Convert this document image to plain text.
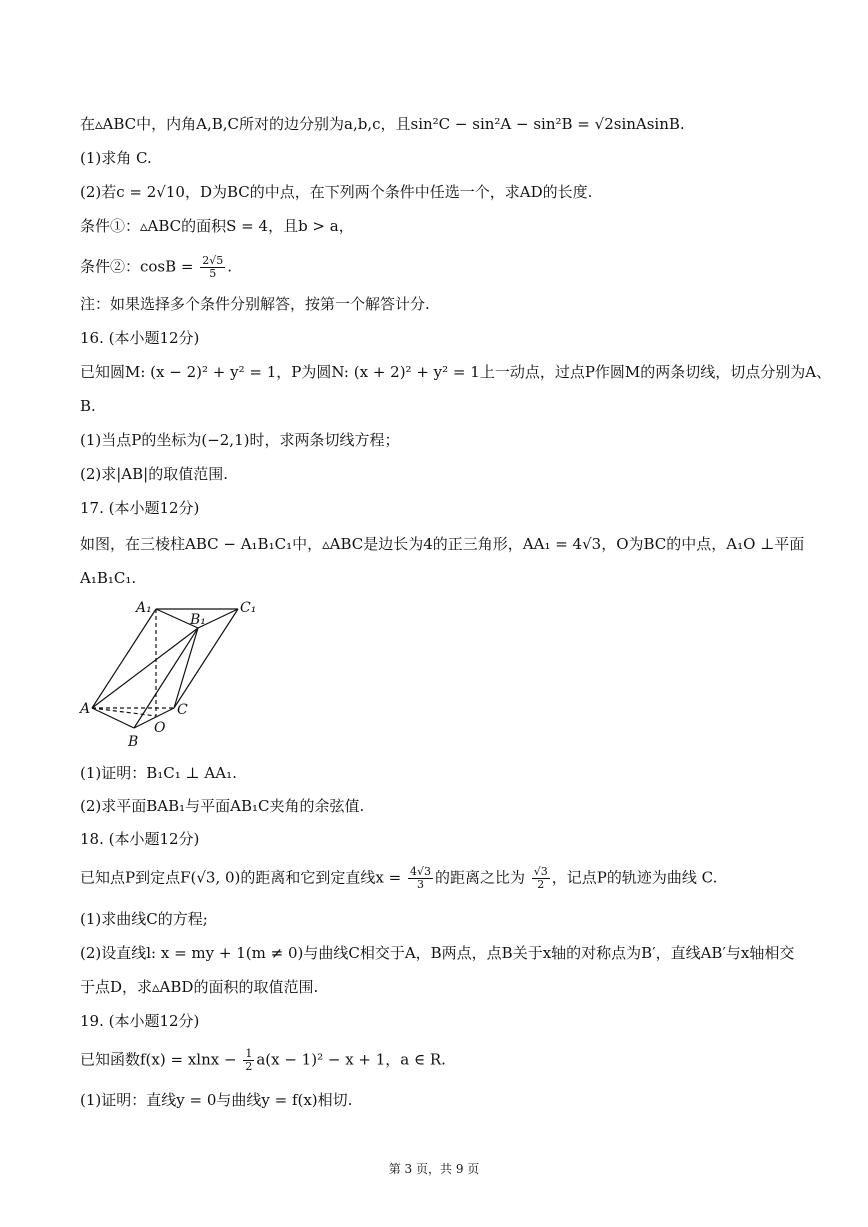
在▵ABC中，内角A,B,C所对的边分别为a,b,c，且sin²C − sin²A − sin²B = √2sinAsinB.
(1)求角 C.
(2)若c = 2√10，D为BC的中点，在下列两个条件中任选一个，求AD的长度.
条件①：▵ABC的面积S = 4，且b > a，
条件②：$\cos B = \frac{2√5}{5}$ .
注：如果选择多个条件分别解答，按第一个解答计分.
16. (本小题12分)
已知圆M: (x − 2)² + y² = 1，P为圆N: (x + 2)² + y² = 1上一动点，过点P作圆M的两条切线，切点分别为A、
B.
(1)当点P的坐标为(−2,1)时，求两条切线方程；
(2)求|AB|的取值范围.
17. (本小题12分)
如图，在三棱柱ABC − A₁B₁C₁中，▵ABC是边长为4的正三角形，AA₁ = 4√3，O为BC的中点，A₁O ⊥平面
A₁B₁C₁.
A₁
B₁
C₁
A	C
O
B
(1)证明：B₁C₁ ⊥ AA₁.
(2)求平面BAB₁与平面AB₁C夹角的余弦值.
18. (本小题12分)
已知点P到定点F(√3, 0)的距离和它到定直线$x = \frac{4√3}{3}$ 的距离之比为 $\frac{√3}{2}$ ，记点P的轨迹为曲线 C.
(1)求曲线C的方程;
(2)设直线l: x = my + 1(m ≠ 0)与曲线C相交于A，B两点，点B关于x轴的对称点为B′，直线AB′与x轴相交
于点D，求▵ABD的面积的取值范围.
19. (本小题12分)
已知函数$f(x) = xlnx - \frac{1}{2} a(x - 1)^2 - x + 1$，a ∈ R.
(1)证明：直线y = 0与曲线y = f(x)相切.
第 3 页，共 9 页
